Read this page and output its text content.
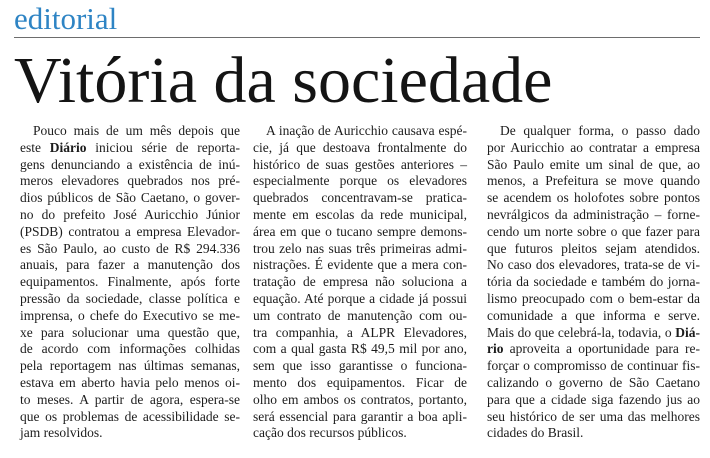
editorial
Vitória da sociedade
Pouco mais de um mês depois que
este Diário iniciou série de reporta-
gens denunciando a existência de inú-
meros elevadores quebrados nos pré-
dios públicos de São Caetano, o gover-
no do prefeito José Auricchio Júnior
(PSDB) contratou a empresa Elevador-
es São Paulo, ao custo de R$ 294.336
anuais, para fazer a manutenção dos
equipamentos. Finalmente, após forte
pressão da sociedade, classe política e
imprensa, o chefe do Executivo se me-
xe para solucionar uma questão que,
de acordo com informações colhidas
pela reportagem nas últimas semanas,
estava em aberto havia pelo menos oi-
to meses. A partir de agora, espera-se
que os problemas de acessibilidade se-
jam resolvidos.
A inação de Auricchio causava espé-
cie, já que destoava frontalmente do
histórico de suas gestões anteriores –
especialmente porque os elevadores
quebrados concentravam-se pratica-
mente em escolas da rede municipal,
área em que o tucano sempre demons-
trou zelo nas suas três primeiras admi-
nistrações. É evidente que a mera con-
tratação de empresa não soluciona a
equação. Até porque a cidade já possui
um contrato de manutenção com ou-
tra companhia, a ALPR Elevadores,
com a qual gasta R$ 49,5 mil por ano,
sem que isso garantisse o funciona-
mento dos equipamentos. Ficar de
olho em ambos os contratos, portanto,
será essencial para garantir a boa apli-
cação dos recursos públicos.
De qualquer forma, o passo dado
por Auricchio ao contratar a empresa
São Paulo emite um sinal de que, ao
menos, a Prefeitura se move quando
se acendem os holofotes sobre pontos
nevrálgicos da administração – forne-
cendo um norte sobre o que fazer para
que futuros pleitos sejam atendidos.
No caso dos elevadores, trata-se de vi-
tória da sociedade e também do jorna-
lismo preocupado com o bem-estar da
comunidade a que informa e serve.
Mais do que celebrá-la, todavia, o Diá-
rio aproveita a oportunidade para re-
forçar o compromisso de continuar fis-
calizando o governo de São Caetano
para que a cidade siga fazendo jus ao
seu histórico de ser uma das melhores
cidades do Brasil.
